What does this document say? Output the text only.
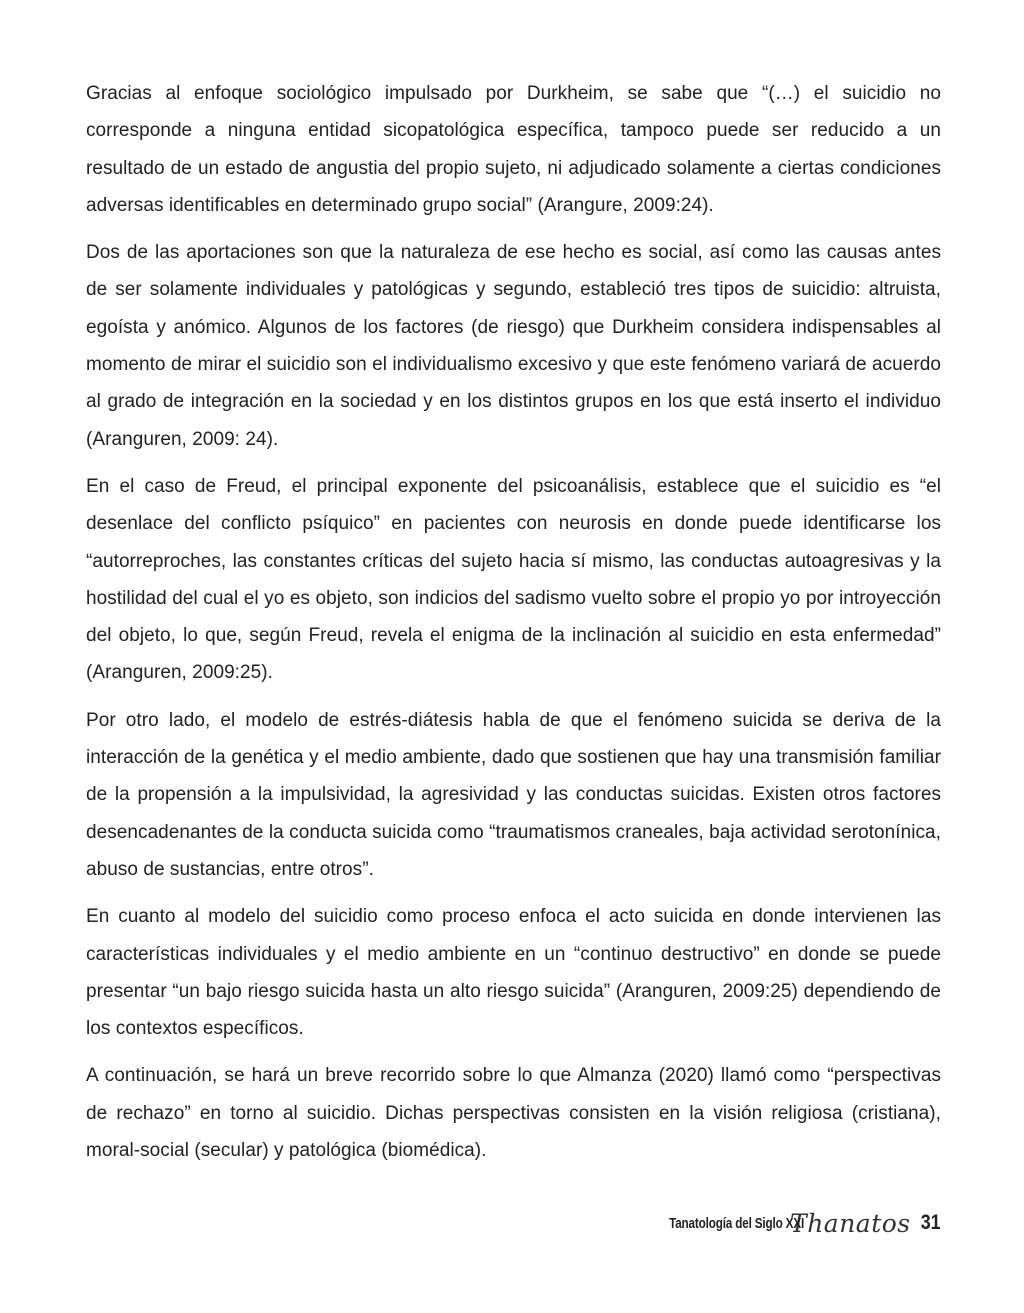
Gracias al enfoque sociológico impulsado por Durkheim, se sabe que “(…) el suicidio no corresponde a ninguna entidad sicopatológica específica, tampoco puede ser reducido a un resultado de un estado de angustia del propio sujeto, ni adjudicado solamente a ciertas condiciones adversas identificables en determinado grupo social” (Arangure, 2009:24).

Dos de las aportaciones son que la naturaleza de ese hecho es social, así como las causas antes de ser solamente individuales y patológicas y segundo, estableció tres tipos de suicidio: altruista, egoísta y anómico. Algunos de los factores (de riesgo) que Durkheim considera indispensables al momento de mirar el suicidio son el individualismo excesivo y que este fenómeno variará de acuerdo al grado de integración en la sociedad y en los distintos grupos en los que está inserto el individuo (Aranguren, 2009: 24).

En el caso de Freud, el principal exponente del psicoanálisis, establece que el suicidio es “el desenlace del conflicto psíquico” en pacientes con neurosis en donde puede identificarse los “autorreproches, las constantes críticas del sujeto hacia sí mismo, las conductas autoagresivas y la hostilidad del cual el yo es objeto, son indicios del sadismo vuelto sobre el propio yo por introyección del objeto, lo que, según Freud, revela el enigma de la inclinación al suicidio en esta enfermedad” (Aranguren, 2009:25).

Por otro lado, el modelo de estrés-diátesis habla de que el fenómeno suicida se deriva de la interacción de la genética y el medio ambiente, dado que sostienen que hay una transmisión familiar de la propensión a la impulsividad, la agresividad y las conductas suicidas. Existen otros factores desencadenantes de la conducta suicida como “traumatismos craneales, baja actividad serotonínica, abuso de sustancias, entre otros”.

En cuanto al modelo del suicidio como proceso enfoca el acto suicida en donde intervienen las características individuales y el medio ambiente en un “continuo destructivo” en donde se puede presentar “un bajo riesgo suicida hasta un alto riesgo suicida” (Aranguren, 2009:25) dependiendo de los contextos específicos.

A continuación, se hará un breve recorrido sobre lo que Almanza (2020) llamó como “perspectivas de rechazo” en torno al suicidio. Dichas perspectivas consisten en la visión religiosa (cristiana), moral-social (secular) y patológica (biomédica).

Tanatología del Siglo XXI
Thanatos 31
